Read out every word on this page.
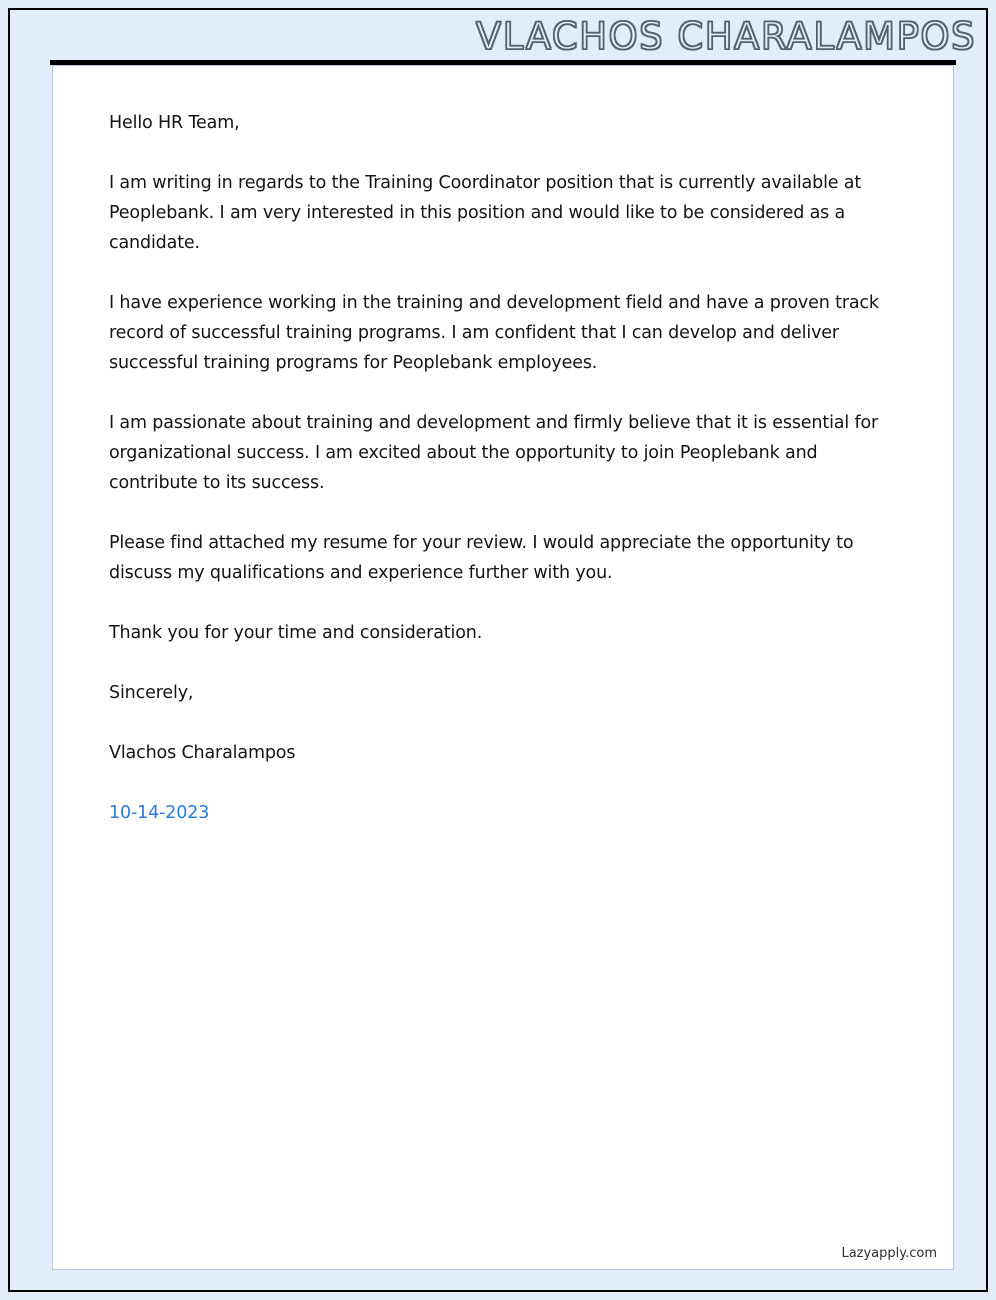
VLACHOS CHARALAMPOS

Hello HR Team,

I am writing in regards to the Training Coordinator position that is currently available at Peoplebank. I am very interested in this position and would like to be considered as a candidate.

I have experience working in the training and development field and have a proven track record of successful training programs. I am confident that I can develop and deliver successful training programs for Peoplebank employees.

I am passionate about training and development and firmly believe that it is essential for organizational success. I am excited about the opportunity to join Peoplebank and contribute to its success.

Please find attached my resume for your review. I would appreciate the opportunity to discuss my qualifications and experience further with you.

Thank you for your time and consideration.

Sincerely,

Vlachos Charalampos

10-14-2023

Lazyapply.com
